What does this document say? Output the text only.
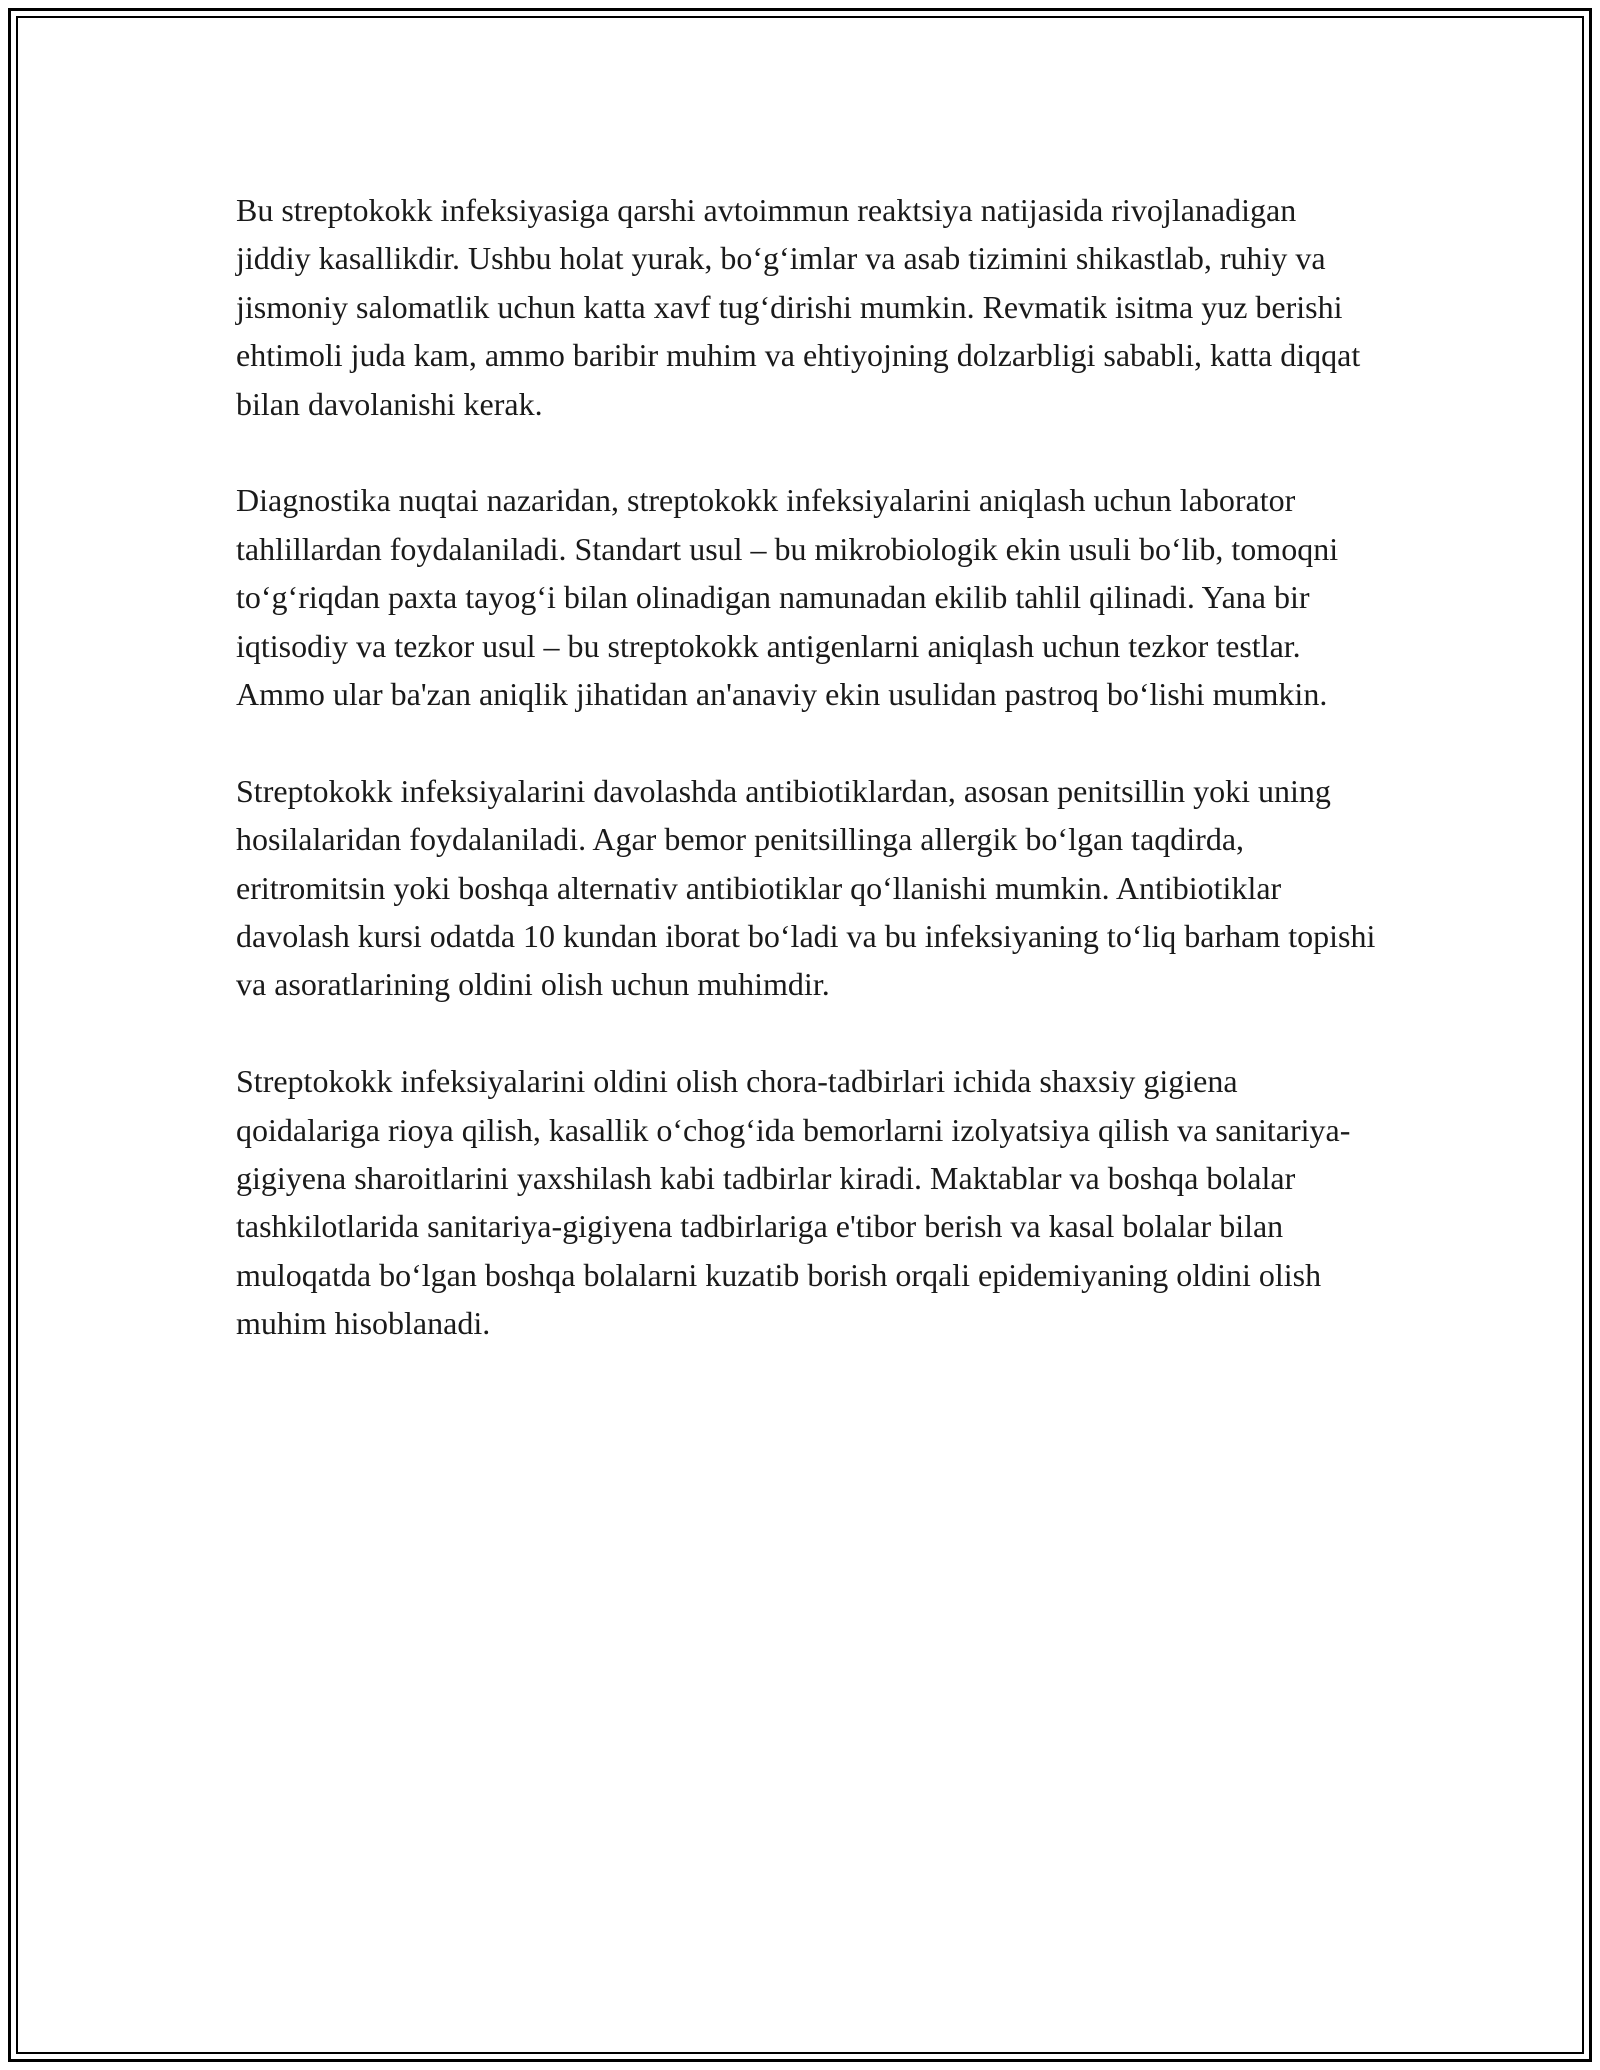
Bu streptokokk infeksiyasiga qarshi avtoimmun reaktsiya natijasida rivojlanadigan jiddiy kasallikdir. Ushbu holat yurak, bo‘g‘imlar va asab tizimini shikastlab, ruhiy va jismoniy salomatlik uchun katta xavf tug‘dirishi mumkin. Revmatik isitma yuz berishi ehtimoli juda kam, ammo baribir muhim va ehtiyojning dolzarbligi sababli, katta diqqat bilan davolanishi kerak.

Diagnostika nuqtai nazaridan, streptokokk infeksiyalarini aniqlash uchun laborator tahlillardan foydalaniladi. Standart usul – bu mikrobiologik ekin usuli bo‘lib, tomoqni to‘g‘riqdan paxta tayog‘i bilan olinadigan namunadan ekilib tahlil qilinadi. Yana bir iqtisodiy va tezkor usul – bu streptokokk antigenlarni aniqlash uchun tezkor testlar. Ammo ular ba'zan aniqlik jihatidan an'anaviy ekin usulidan pastroq bo‘lishi mumkin.

Streptokokk infeksiyalarini davolashda antibiotiklardan, asosan penitsillin yoki uning hosilalaridan foydalaniladi. Agar bemor penitsillinga allergik bo‘lgan taqdirda, eritromitsin yoki boshqa alternativ antibiotiklar qo‘llanishi mumkin. Antibiotiklar davolash kursi odatda 10 kundan iborat bo‘ladi va bu infeksiyaning to‘liq barham topishi va asoratlarining oldini olish uchun muhimdir.

Streptokokk infeksiyalarini oldini olish chora-tadbirlari ichida shaxsiy gigiena qoidalariga rioya qilish, kasallik o‘chog‘ida bemorlarni izolyatsiya qilish va sanitariya-gigiyena sharoitlarini yaxshilash kabi tadbirlar kiradi. Maktablar va boshqa bolalar tashkilotlarida sanitariya-gigiyena tadbirlariga e'tibor berish va kasal bolalar bilan muloqatda bo‘lgan boshqa bolalarni kuzatib borish orqali epidemiyaning oldini olish muhim hisoblanadi.
